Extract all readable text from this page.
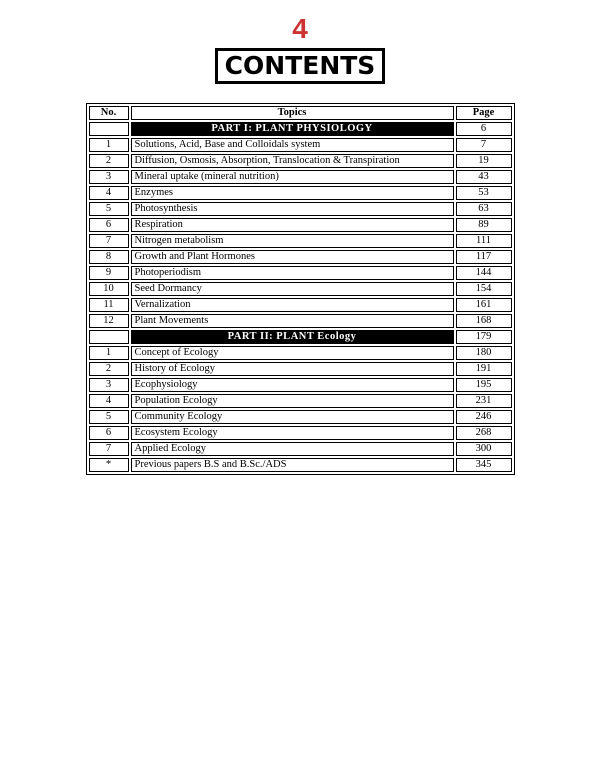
4
CONTENTS
No.	Topics	Page
	PART I: PLANT PHYSIOLOGY	6
1	Solutions, Acid, Base and Colloidals system	7
2	Diffusion, Osmosis, Absorption, Translocation & Transpiration	19
3	Mineral uptake (mineral nutrition)	43
4	Enzymes	53
5	Photosynthesis	63
6	Respiration	89
7	Nitrogen metabolism	111
8	Growth and Plant Hormones	117
9	Photoperiodism	144
10	Seed Dormancy	154
11	Vernalization	161
12	Plant Movements	168
	PART II: PLANT Ecology	179
1	Concept of Ecology	180
2	History of Ecology	191
3	Ecophysiology	195
4	Population Ecology	231
5	Community Ecology	246
6	Ecosystem Ecology	268
7	Applied Ecology	300
*	Previous papers B.S and B.Sc./ADS	345
